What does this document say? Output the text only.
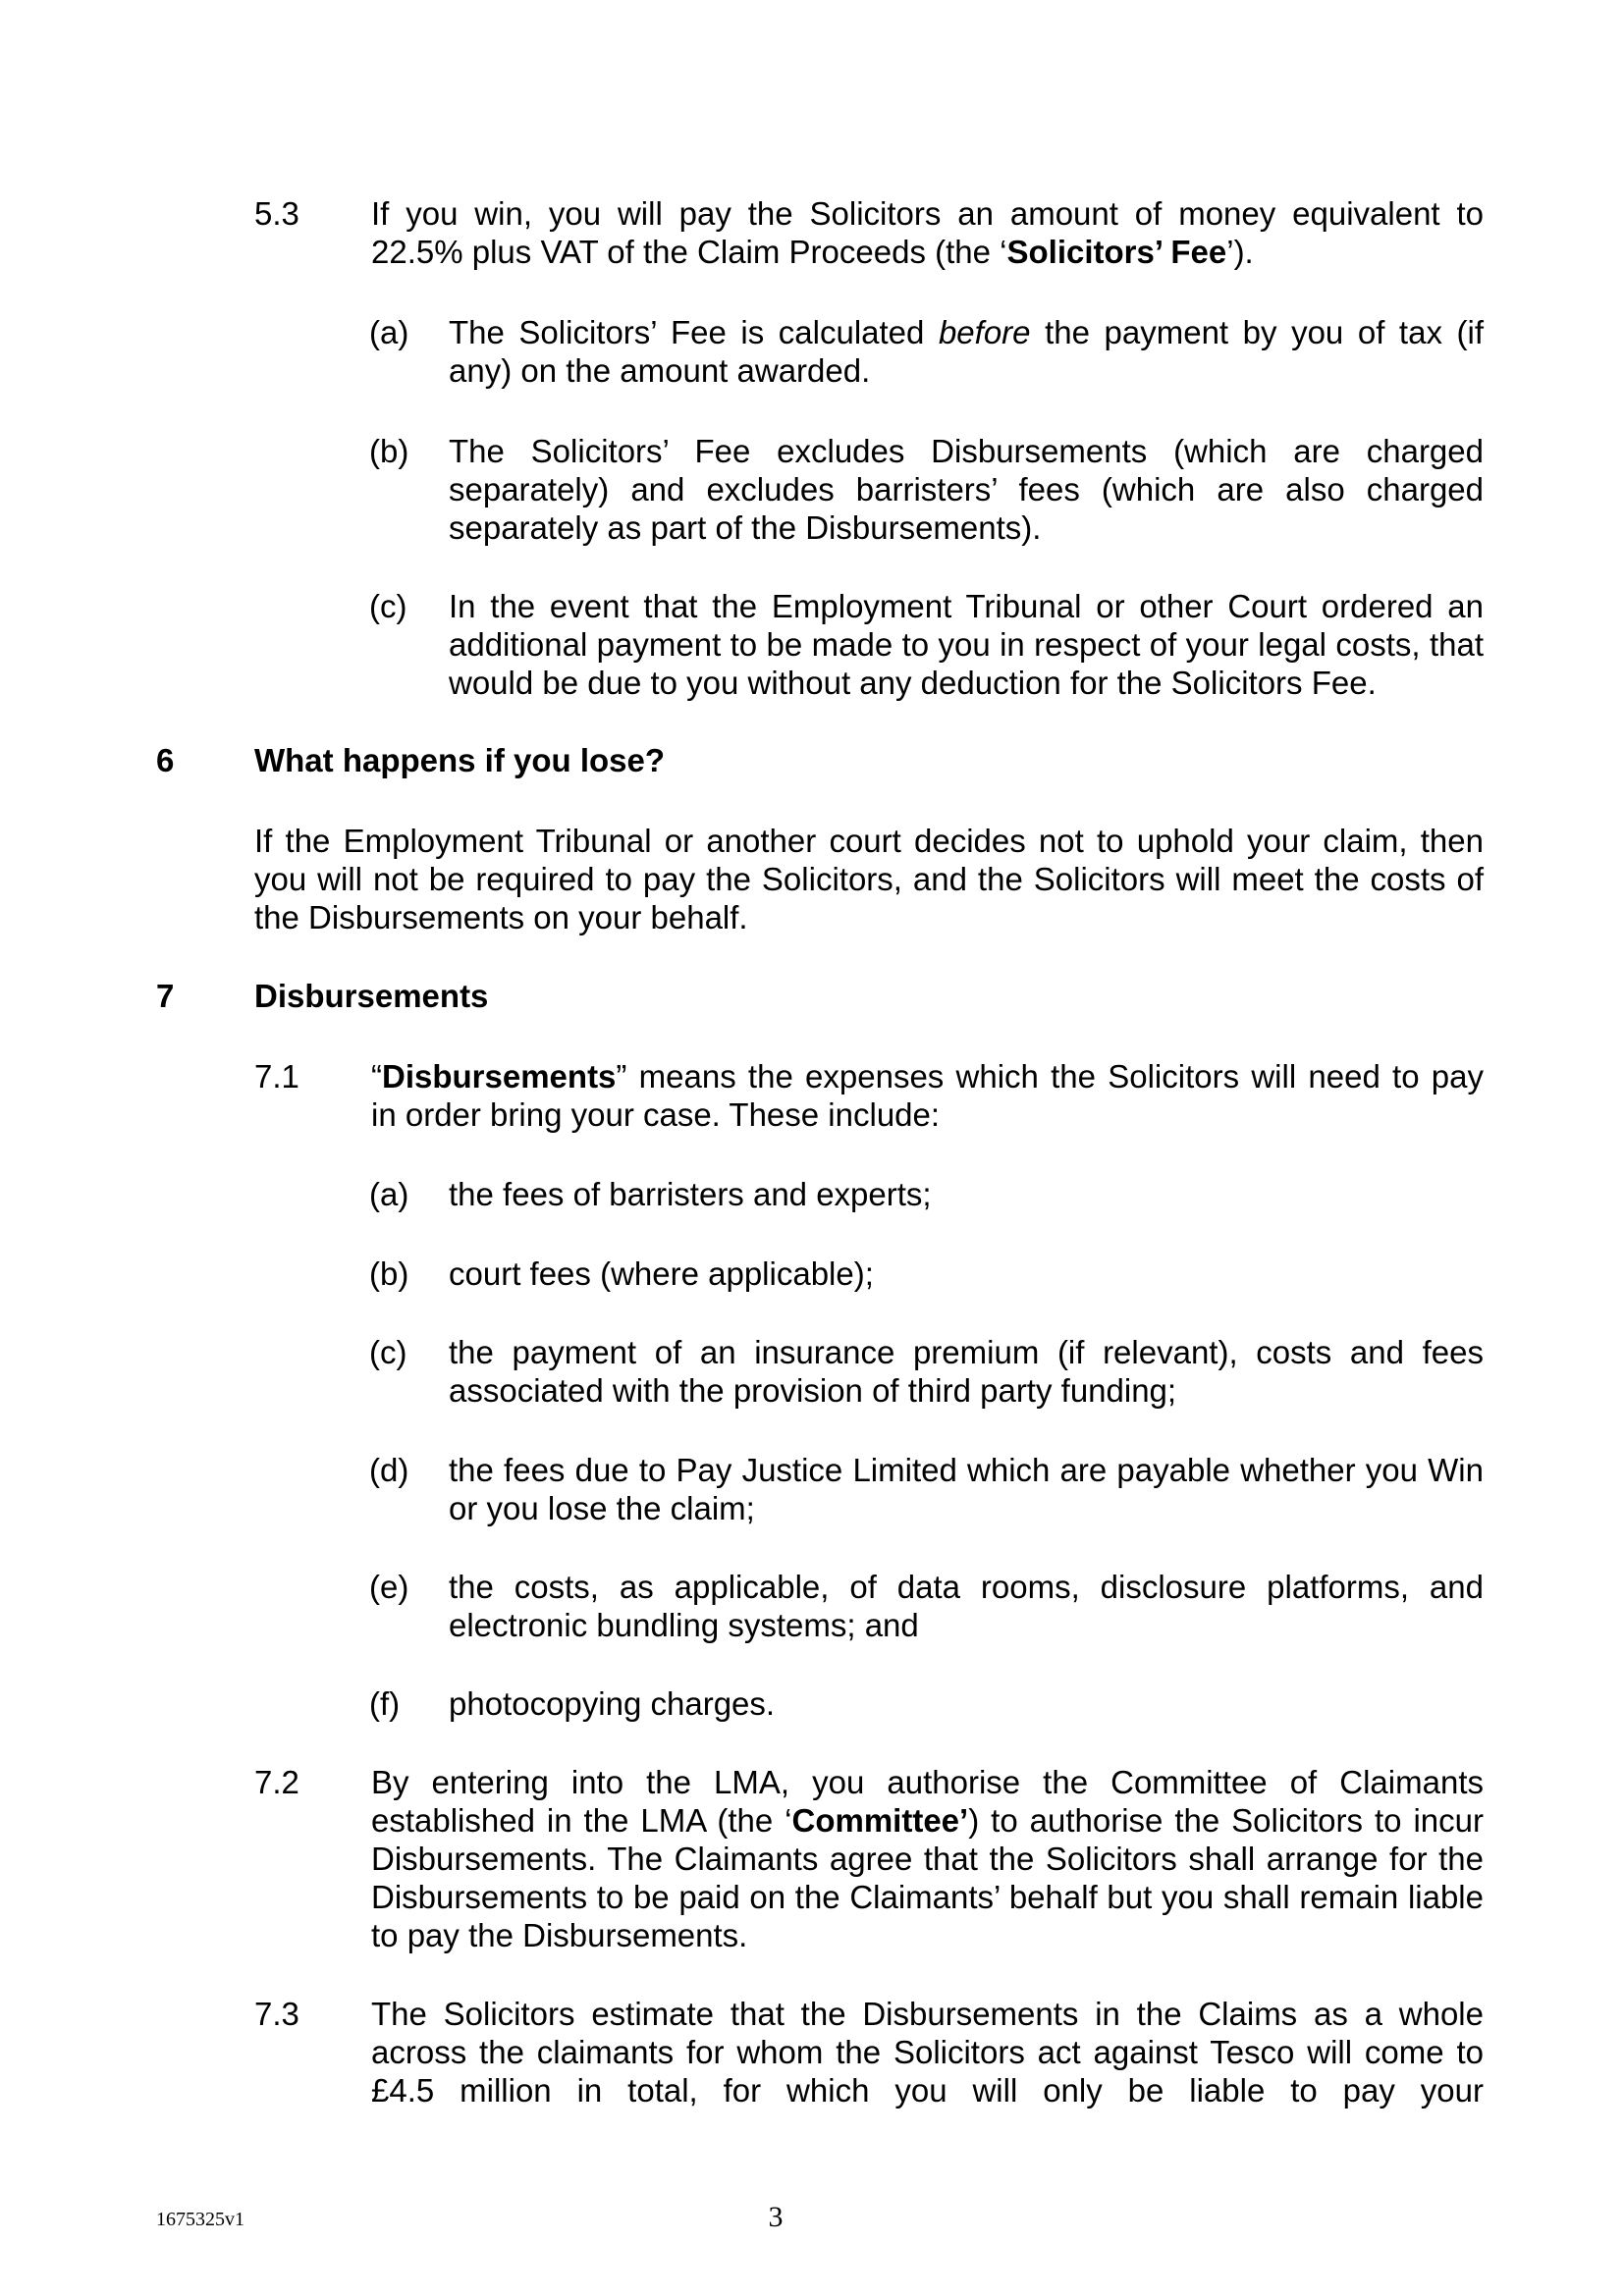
5.3 If you win, you will pay the Solicitors an amount of money equivalent to 22.5% plus VAT of the Claim Proceeds (the ‘Solicitors’ Fee’).
(a) The Solicitors’ Fee is calculated before the payment by you of tax (if any) on the amount awarded.
(b) The Solicitors’ Fee excludes Disbursements (which are charged separately) and excludes barristers’ fees (which are also charged separately as part of the Disbursements).
(c) In the event that the Employment Tribunal or other Court ordered an additional payment to be made to you in respect of your legal costs, that would be due to you without any deduction for the Solicitors Fee.
6 What happens if you lose?
If the Employment Tribunal or another court decides not to uphold your claim, then you will not be required to pay the Solicitors, and the Solicitors will meet the costs of the Disbursements on your behalf.
7 Disbursements
7.1 “Disbursements” means the expenses which the Solicitors will need to pay in order bring your case. These include:
(a) the fees of barristers and experts;
(b) court fees (where applicable);
(c) the payment of an insurance premium (if relevant), costs and fees associated with the provision of third party funding;
(d) the fees due to Pay Justice Limited which are payable whether you Win or you lose the claim;
(e) the costs, as applicable, of data rooms, disclosure platforms, and electronic bundling systems; and
(f) photocopying charges.
7.2 By entering into the LMA, you authorise the Committee of Claimants established in the LMA (the ‘Committee’) to authorise the Solicitors to incur Disbursements. The Claimants agree that the Solicitors shall arrange for the Disbursements to be paid on the Claimants’ behalf but you shall remain liable to pay the Disbursements.
7.3 The Solicitors estimate that the Disbursements in the Claims as a whole across the claimants for whom the Solicitors act against Tesco will come to £4.5 million in total, for which you will only be liable to pay your
1675325v1	3
